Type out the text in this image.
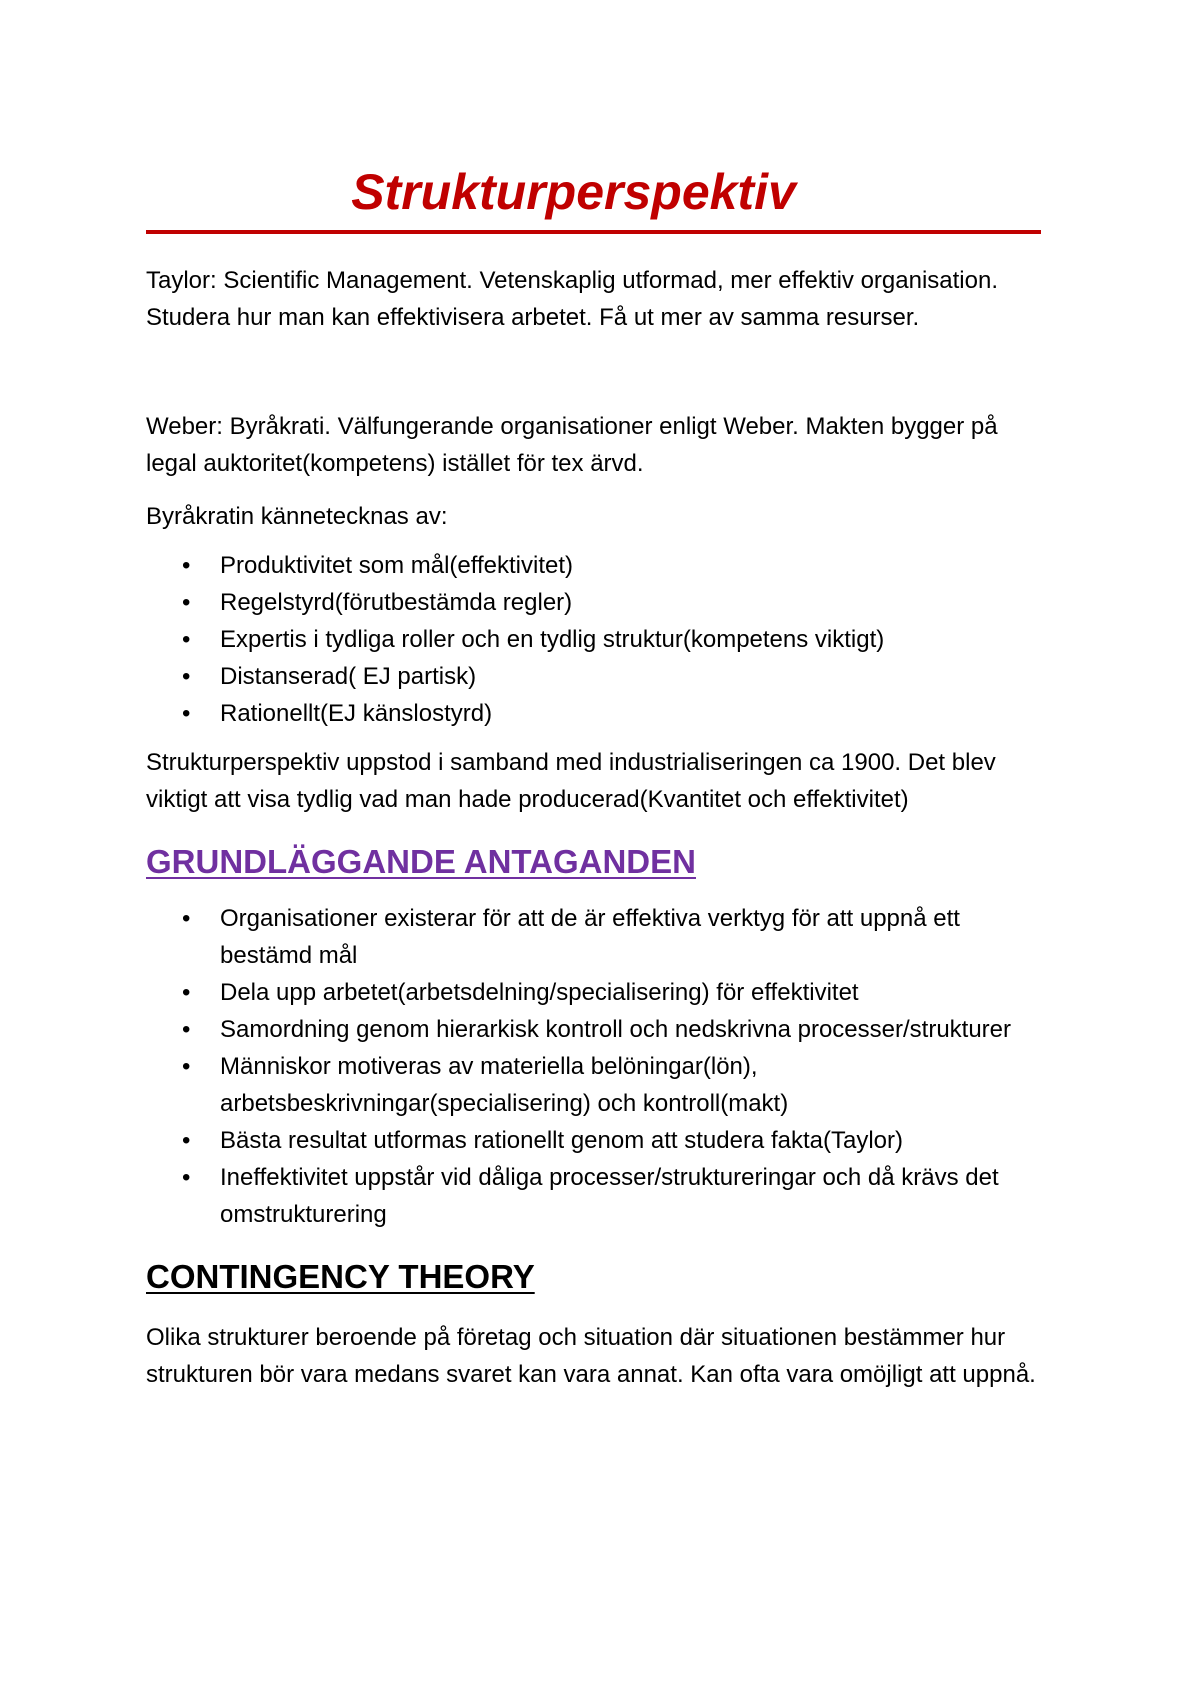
Strukturperspektiv

Taylor: Scientific Management. Vetenskaplig utformad, mer effektiv organisation. Studera hur man kan effektivisera arbetet. Få ut mer av samma resurser.

Weber: Byråkrati. Välfungerande organisationer enligt Weber. Makten bygger på legal auktoritet(kompetens) istället för tex ärvd.

Byråkratin kännetecknas av:

• Produktivitet som mål(effektivitet)
• Regelstyrd(förutbestämda regler)
• Expertis i tydliga roller och en tydlig struktur(kompetens viktigt)
• Distanserad( EJ partisk)
• Rationellt(EJ känslostyrd)

Strukturperspektiv uppstod i samband med industrialiseringen ca 1900. Det blev viktigt att visa tydlig vad man hade producerad(Kvantitet och effektivitet)

GRUNDLÄGGANDE ANTAGANDEN
• Organisationer existerar för att de är effektiva verktyg för att uppnå ett bestämd mål
• Dela upp arbetet(arbetsdelning/specialisering) för effektivitet
• Samordning genom hierarkisk kontroll och nedskrivna processer/strukturer
• Människor motiveras av materiella belöningar(lön), arbetsbeskrivningar(specialisering) och kontroll(makt)
• Bästa resultat utformas rationellt genom att studera fakta(Taylor)
• Ineffektivitet uppstår vid dåliga processer/struktureringar och då krävs det omstrukturering
CONTINGENCY THEORY

Olika strukturer beroende på företag och situation där situationen bestämmer hur strukturen bör vara medans svaret kan vara annat. Kan ofta vara omöjligt att uppnå.
